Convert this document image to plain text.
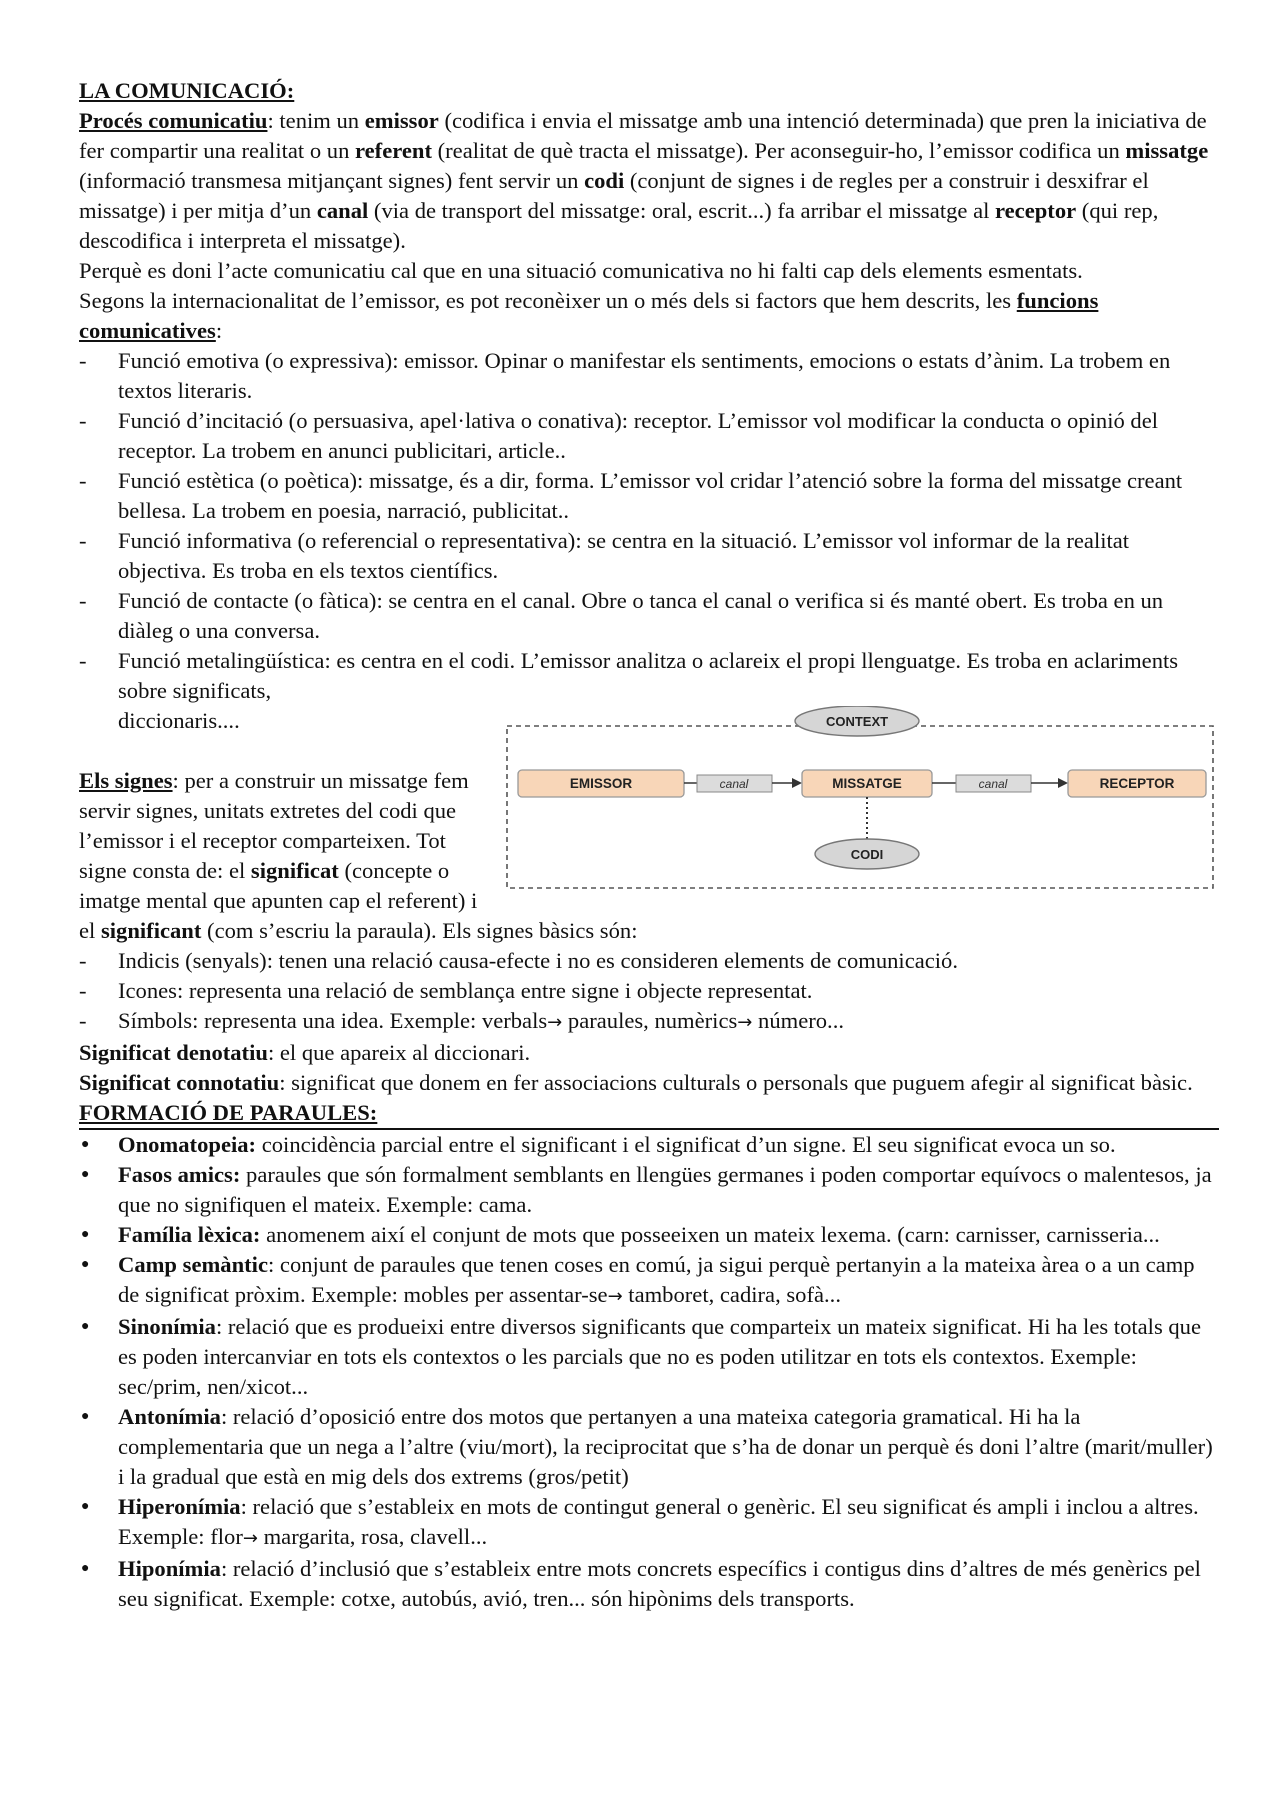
LA COMUNICACIÓ:

Procés comunicatiu: tenim un emissor (codifica i envia el missatge amb una intenció determinada) que pren la iniciativa de fer compartir una realitat o un referent (realitat de què tracta el missatge). Per aconseguir-ho, l’emissor codifica un missatge (informació transmesa mitjançant signes) fent servir un codi (conjunt de signes i de regles per a construir i desxifrar el missatge) i per mitja d’un canal (via de transport del missatge: oral, escrit...) fa arribar el missatge al receptor (qui rep, descodifica i interpreta el missatge).

Perquè es doni l’acte comunicatiu cal que en una situació comunicativa no hi falti cap dels elements esmentats.

Segons la internacionalitat de l’emissor, es pot reconèixer un o més dels si factors que hem descrits, les funcions comunicatives:

- Funció emotiva (o expressiva): emissor. Opinar o manifestar els sentiments, emocions o estats d’ànim. La trobem en textos literaris.
- Funció d’incitació (o persuasiva, apel·lativa o conativa): receptor. L’emissor vol modificar la conducta o opinió del receptor. La trobem en anunci publicitari, article..
- Funció estètica (o poètica): missatge, és a dir, forma. L’emissor vol cridar l’atenció sobre la forma del missatge creant bellesa. La trobem en poesia, narració, publicitat..
- Funció informativa (o referencial o representativa): se centra en la situació. L’emissor vol informar de la realitat objectiva. Es troba en els textos científics.
- Funció de contacte (o fàtica): se centra en el canal. Obre o tanca el canal o verifica si és manté obert. Es troba en un diàleg o una conversa.
- Funció metalingüística: es centra en el codi. L’emissor analitza o aclareix el propi llenguatge. Es troba en aclariments sobre significats,
CONTEXT
EMISSOR	canal	MISSATGE	canal	RECEPTOR
CODI
diccionaris....

Els signes: per a construir un missatge fem servir signes, unitats extretes del codi que l’emissor i el receptor comparteixen. Tot signe consta de: el significat (concepte o imatge mental que apunten cap el referent) i el significant (com s’escriu la paraula). Els signes bàsics són:

- Indicis (senyals): tenen una relació causa-efecte i no es consideren elements de comunicació.
- Icones: representa una relació de semblança entre signe i objecte representat.
- Símbols: representa una idea. Exemple: verbals→ paraules, numèrics→ número...

Significat denotatiu: el que apareix al diccionari.

Significat connotatiu: significat que donem en fer associacions culturals o personals que puguem afegir al significat bàsic.

FORMACIÓ DE PARAULES:
● Onomatopeia: coincidència parcial entre el significant i el significat d’un signe. El seu significat evoca un so.
● Fasos amics: paraules que són formalment semblants en llengües germanes i poden comportar equívocs o malentesos, ja que no signifiquen el mateix. Exemple: cama.
● Família lèxica: anomenem així el conjunt de mots que posseeixen un mateix lexema. (carn: carnisser, carnisseria...
● Camp semàntic: conjunt de paraules que tenen coses en comú, ja sigui perquè pertanyin a la mateixa àrea o a un camp de significat pròxim. Exemple: mobles per assentar-se→ tamboret, cadira, sofà...
● Sinonímia: relació que es produeixi entre diversos significants que comparteix un mateix significat. Hi ha les totals que es poden intercanviar en tots els contextos o les parcials que no es poden utilitzar en tots els contextos. Exemple: sec/prim, nen/xicot...
● Antonímia: relació d’oposició entre dos motos que pertanyen a una mateixa categoria gramatical. Hi ha la complementaria que un nega a l’altre (viu/mort), la reciprocitat que s’ha de donar un perquè és doni l’altre (marit/muller) i la gradual que està en mig dels dos extrems (gros/petit)
● Hiperonímia: relació que s’estableix en mots de contingut general o genèric. El seu significat és ampli i inclou a altres. Exemple: flor→ margarita, rosa, clavell...
● Hiponímia: relació d’inclusió que s’estableix entre mots concrets específics i contigus dins d’altres de més genèrics pel seu significat. Exemple: cotxe, autobús, avió, tren... són hipònims dels transports.
